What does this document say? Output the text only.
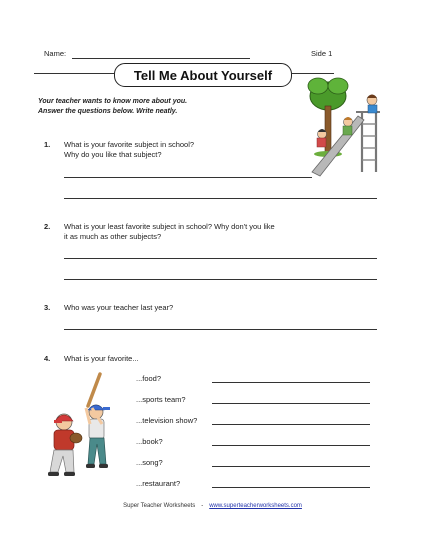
Name:	Side 1
Tell Me About Yourself
Your teacher wants to know more about you.
Answer the questions below. Write neatly.
1. What is your favorite subject in school?
Why do you like that subject?
2. What is your least favorite subject in school? Why don't you like
it as much as other subjects?
3. Who was your teacher last year?
4. What is your favorite...
...food?
...sports team?
...television show?
...book?
...song?
...restaurant?
Super Teacher Worksheets - www.superteacherworksheets.com
